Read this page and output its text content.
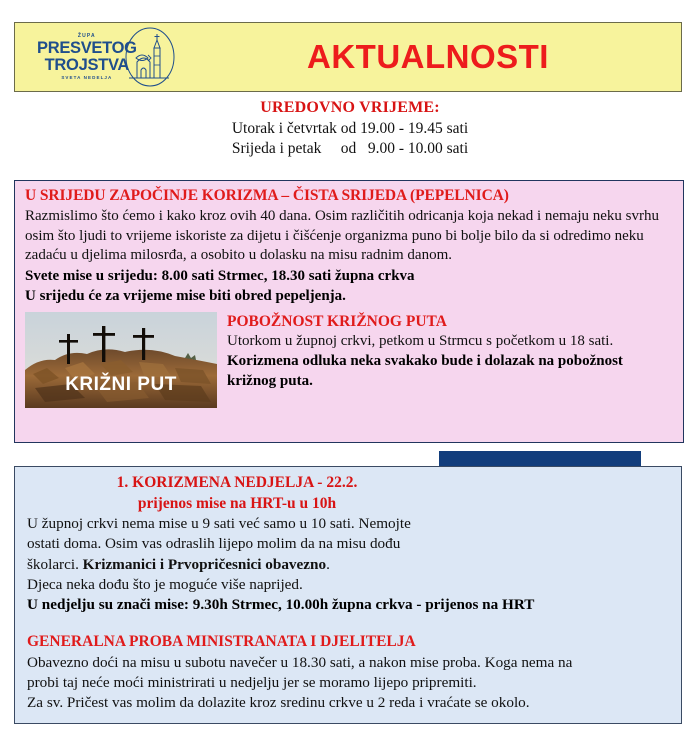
ŽUPA
PRESVETOG
TROJSTVA
SVETA NEDELJA
AKTUALNOSTI
UREDOVNO VRIJEME:
Utorak i četvrtak od 19.00 - 19.45 sati
Srijeda i petak     od   9.00 - 10.00 sati
U SRIJEDU ZAPOČINJE KORIZMA – ČISTA SRIJEDA (PEPELNICA)
Razmislimo što ćemo i kako kroz ovih 40 dana. Osim različitih odricanja koja nekad i nemaju neku svrhu osim što ljudi to vrijeme iskoriste za dijetu i čišćenje organizma puno bi bolje bilo da si odredimo neku zadaću u djelima milosrđa, a osobito u dolasku na misu radnim danom.
Svete mise u srijedu: 8.00 sati Strmec, 18.30 sati župna crkva
U srijedu će za vrijeme mise biti obred pepeljenja.
KRIŽNI PUT
POBOŽNOST KRIŽNOG PUTA
Utorkom u župnoj crkvi, petkom u Strmcu s početkom u 18 sati.
Korizmena odluka neka svakako bude i dolazak na pobožnost križnog puta.
1. KORIZMENA NEDJELJA - 22.2.
prijenos mise na HRT-u u 10h
U župnoj crkvi nema mise u 9 sati već samo u 10 sati. Nemojte ostati doma. Osim vas odraslih lijepo molim da na misu dođu školarci. Krizmanici i Prvopričesnici obavezno.
Djeca neka dođu što je moguće više naprijed.
U nedjelju su znači mise: 9.30h Strmec, 10.00h župna crkva - prijenos na HRT
GENERALNA PROBA MINISTRANATA I DJELITELJA
Obavezno doći na misu u subotu navečer u 18.30 sati, a nakon mise proba. Koga nema na
probi taj neće moći ministrirati u nedjelju jer se moramo lijepo pripremiti.
Za sv. Pričest vas molim da dolazite kroz sredinu crkve u 2 reda i vraćate se okolo.
